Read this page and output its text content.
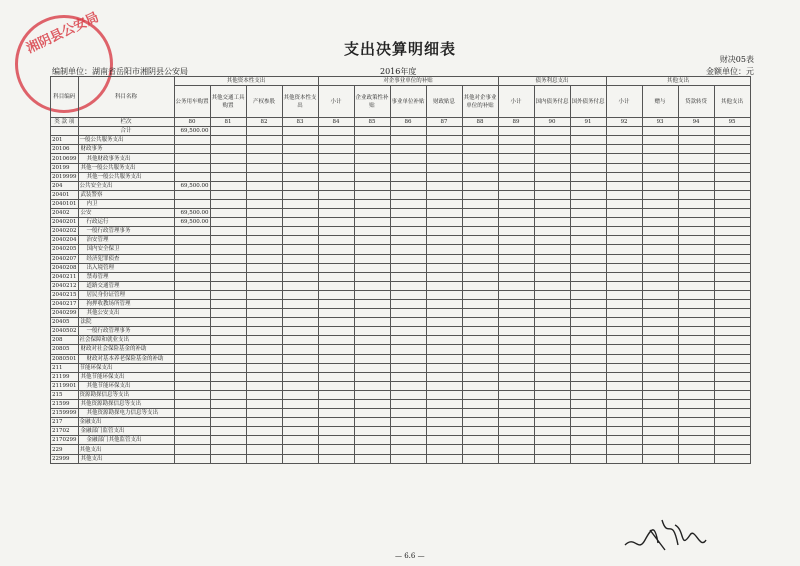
湘阴县公安局	支出决算明细表
财决05表
编制单位：湖南省岳阳市湘阴县公安局	2016年度	金额单位：元
科目编码	科目名称	其他资本性支出				对企事业单位的补贴					债务利息支出			其他支出			
		公务用车购置	其他交通工具购置	产权参股	其他资本性支出	小计	企业政策性补贴	事业单位补贴	财政贴息	其他对企事业单位的补贴	小计	国内债务付息	国外债务付息	小计	赠与	贷款转贷	其他支出
类 款 项	栏次	80	81	82	83	84	85	86	87	88	89	90	91	92	93	94	95
	合计	69,500.00															
201	一般公共服务支出																
20106	财政事务																
2010699	其他财政事务支出																
20199	其他一般公共服务支出																
2019999	其他一般公共服务支出																
204	公共安全支出	69,500.00															
20401	武装警察																
2040101	内卫																
20402	公安	69,500.00															
2040201	行政运行	69,500.00															
2040202	一般行政管理事务																
2040204	治安管理																
2040205	国内安全保卫																
2040207	经济犯罪侦查																
2040208	出入境管理																
2040211	禁毒管理																
2040212	道路交通管理																
2040215	居民身份证管理																
2040217	拘押收教场所管理																
2040299	其他公安支出																
20405	法院																
2040502	一般行政管理事务																
208	社会保障和就业支出																
20805	财政对社会保险基金的补助																
2080501	财政对基本养老保险基金的补助																
211	节能环保支出																
21199	其他节能环保支出																
2119901	其他节能环保支出																
215	资源勘探信息等支出																
21599	其他资源勘探信息等支出																
2159999	其他资源勘探电力信息等支出																
217	金融支出																
21702	金融部门监管支出																
2170299	金融部门其他监管支出																
229	其他支出																
22999	其他支出																
— 6.6 —
